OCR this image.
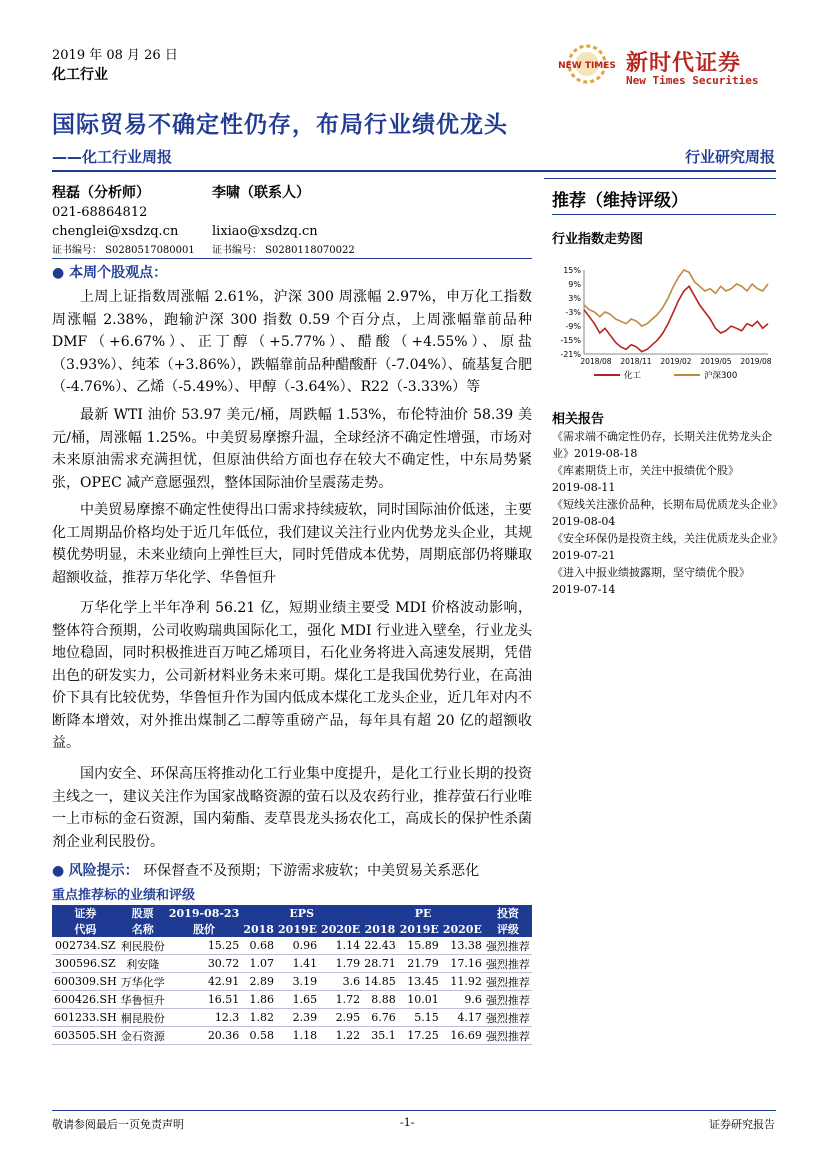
2019 年 08 月 26 日
化工行业
NEW TIMES 新时代证券
New Times Securities
国际贸易不确定性仍存，布局行业绩优龙头
——化工行业周报	行业研究周报
程磊（分析师）
021-68864812
chenglei@xsdzq.cn
证书编号： S0280517080001
李啸（联系人）
lixiao@xsdzq.cn
证书编号： S0280118070022
● 本周个股观点：

上周上证指数周涨幅 2.61%，沪深 300 周涨幅 2.97%，申万化工指数周涨幅 2.38%，跑输沪深 300 指数 0.59 个百分点，上周涨幅靠前品种 DMF（+6.67%）、正丁醇（+5.77%）、醋酸（+4.55%）、原盐（3.93%）、纯苯（+3.86%），跌幅靠前品种醋酸酐（-7.04%）、硫基复合肥（-4.76%）、乙烯（-5.49%）、甲醇（-3.64%）、R22（-3.33%）等

最新 WTI 油价 53.97 美元/桶，周跌幅 1.53%，布伦特油价 58.39 美元/桶，周涨幅 1.25%。中美贸易摩擦升温，全球经济不确定性增强，市场对未来原油需求充满担忧，但原油供给方面也存在较大不确定性，中东局势紧张，OPEC 减产意愿强烈，整体国际油价呈震荡走势。

中美贸易摩擦不确定性使得出口需求持续疲软，同时国际油价低迷，主要化工周期品价格均处于近几年低位，我们建议关注行业内优势龙头企业，其规模优势明显，未来业绩向上弹性巨大，同时凭借成本优势，周期底部仍将赚取超额收益，推荐万华化学、华鲁恒升

万华化学上半年净利 56.21 亿，短期业绩主要受 MDI 价格波动影响，整体符合预期，公司收购瑞典国际化工，强化 MDI 行业进入壁垒，行业龙头地位稳固，同时积极推进百万吨乙烯项目，石化业务将进入高速发展期，凭借出色的研发实力，公司新材料业务未来可期。煤化工是我国优势行业，在高油价下具有比较优势，华鲁恒升作为国内低成本煤化工龙头企业，近几年对内不断降本增效，对外推出煤制乙二醇等重磅产品，每年具有超 20 亿的超额收益。

国内安全、环保高压将推动化工行业集中度提升，是化工行业长期的投资主线之一，建议关注作为国家战略资源的萤石以及农药行业，推荐萤石行业唯一上市标的金石资源，国内菊酯、麦草畏龙头扬农化工，高成长的保护性杀菌剂企业利民股份。

● 风险提示： 环保督查不及预期；下游需求疲软；中美贸易关系恶化
重点推荐标的业绩和评级
证券	股票	2019-08-23	EPS			PE			投资
代码	名称	股价	2018	2019E	2020E	2018	2019E	2020E	评级
002734.SZ	利民股份	15.25	0.68	0.96	1.14	22.43	15.89	13.38	强烈推荐
300596.SZ	利安隆	30.72	1.07	1.41	1.79	28.71	21.79	17.16	强烈推荐
600309.SH	万华化学	42.91	2.89	3.19	3.6	14.85	13.45	11.92	强烈推荐
600426.SH	华鲁恒升	16.51	1.86	1.65	1.72	8.88	10.01	9.6	强烈推荐
601233.SH	桐昆股份	12.3	1.82	2.39	2.95	6.76	5.15	4.17	强烈推荐
603505.SH	金石资源	20.36	0.58	1.18	1.22	35.1	17.25	16.69	强烈推荐
推荐（维持评级）
行业指数走势图
15%
9%
3%
-3%
-9%
-15%
-21%
2018/08 2018/11 2019/02 2019/05 2019/08
化工	沪深300
相关报告
《需求端不确定性仍存，长期关注优势龙头企业》2019-08-18
《库素期货上市，关注中报绩优个股》
2019-08-11
《短线关注涨价品种，长期布局优质龙头企业》2019-08-04
《安全环保仍是投资主线，关注优质龙头企业》2019-07-21
《进入中报业绩披露期，坚守绩优个股》
2019-07-14
敬请参阅最后一页免责声明	-1-	证券研究报告
